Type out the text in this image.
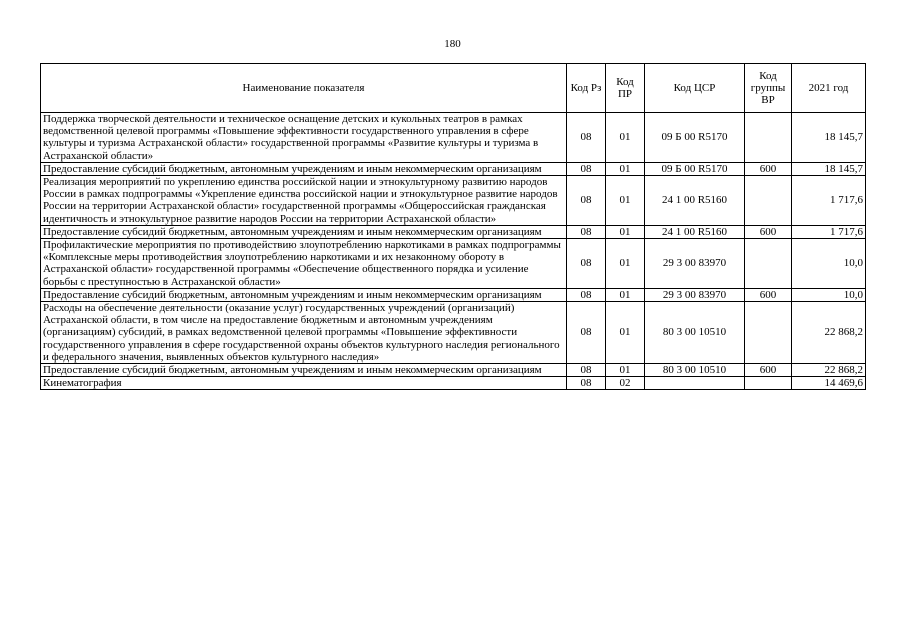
180
Наименование показателя	Код Рз	Код ПР	Код ЦСР	Код группы ВР	2021 год
Поддержка творческой деятельности и техническое оснащение детских и кукольных театров в рамках ведомственной целевой программы «Повышение эффективности государственного управления в сфере культуры и туризма Астраханской области» государственной программы «Развитие культуры и туризма в Астраханской области»	08	01	09 Б 00 R5170		18 145,7
Предоставление субсидий бюджетным, автономным учреждениям и иным некоммерческим организациям	08	01	09 Б 00 R5170	600	18 145,7
Реализация мероприятий по укреплению единства российской нации и этнокультурному развитию народов России в рамках подпрограммы «Укрепление единства российской нации и этнокультурное развитие народов России на территории Астраханской области» государственной программы «Общероссийская гражданская идентичность и этнокультурное развитие народов России на территории Астраханской области»	08	01	24 1 00 R5160		1 717,6
Предоставление субсидий бюджетным, автономным учреждениям и иным некоммерческим организациям	08	01	24 1 00 R5160	600	1 717,6
Профилактические мероприятия по противодействию злоупотреблению наркотиками в рамках подпрограммы «Комплексные меры противодействия злоупотреблению наркотиками и их незаконному обороту в Астраханской области» государственной программы «Обеспечение общественного порядка и усиление борьбы с преступностью в Астраханской области»	08	01	29 3 00 83970		10,0
Предоставление субсидий бюджетным, автономным учреждениям и иным некоммерческим организациям	08	01	29 3 00 83970	600	10,0
Расходы на обеспечение деятельности (оказание услуг) государственных учреждений (организаций) Астраханской области, в том числе на предоставление бюджетным и автономным учреждениям (организациям) субсидий, в рамках ведомственной целевой программы «Повышение эффективности государственного управления в сфере государственной охраны объектов культурного наследия регионального и федерального значения, выявленных объектов культурного наследия»	08	01	80 3 00 10510		22 868,2
Предоставление субсидий бюджетным, автономным учреждениям и иным некоммерческим организациям	08	01	80 3 00 10510	600	22 868,2
Кинематография	08	02			14 469,6
